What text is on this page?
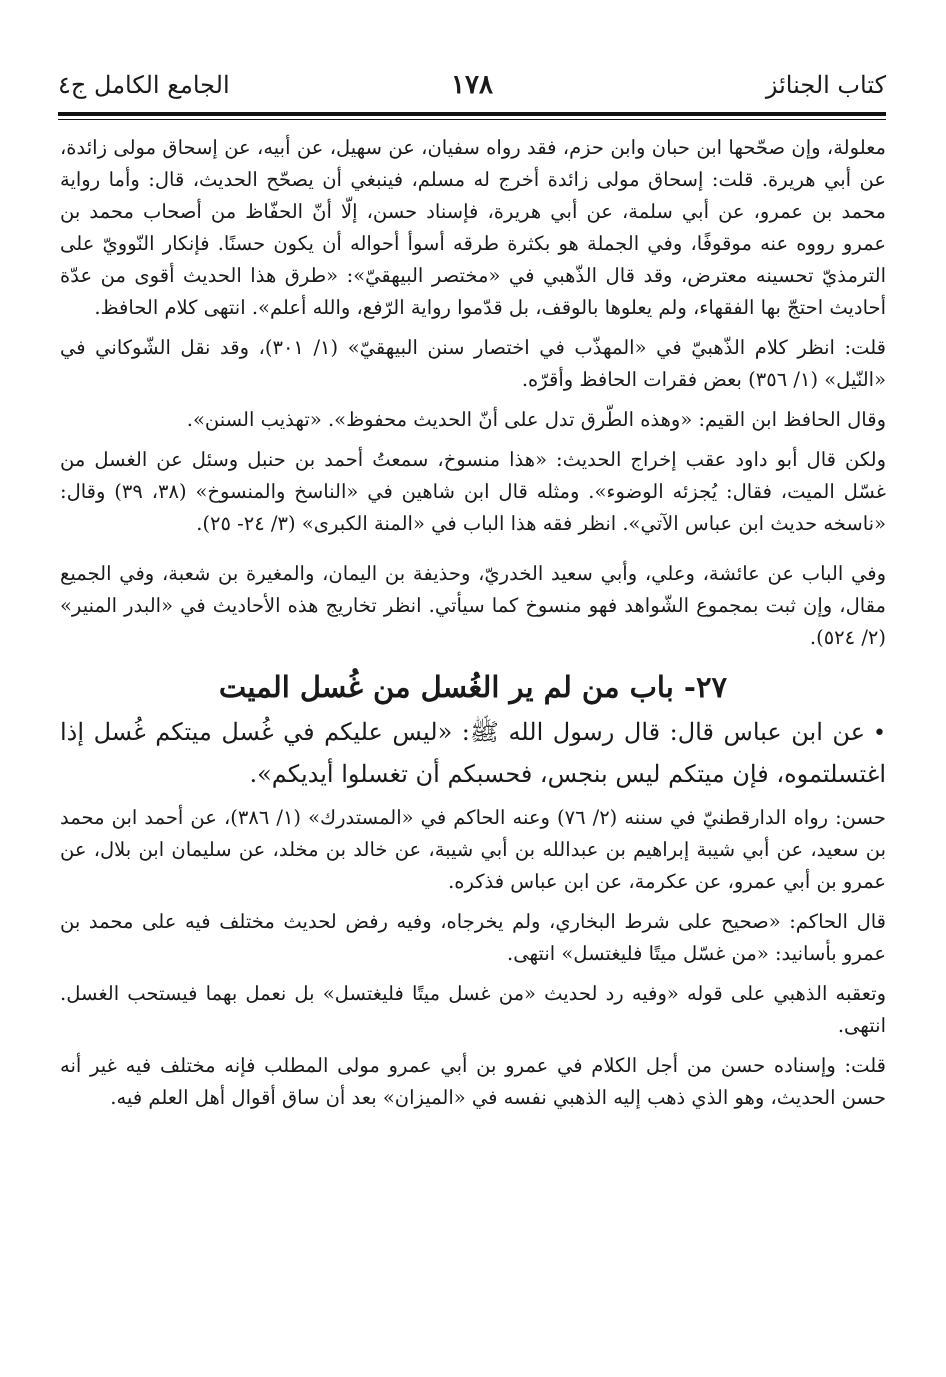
كتاب الجنائز
١٧٨
الجامع الكامل ج٤

معلولة، وإن صحّحها ابن حبان وابن حزم، فقد رواه سفيان، عن سهيل، عن أبيه، عن إسحاق مولى زائدة، عن أبي هريرة. قلت: إسحاق مولى زائدة أخرج له مسلم، فينبغي أن يصحّح الحديث، قال: وأما رواية محمد بن عمرو، عن أبي سلمة، عن أبي هريرة، فإسناد حسن، إلّا أنّ الحفّاظ من أصحاب محمد بن عمرو رووه عنه موقوفًا، وفي الجملة هو بكثرة طرقه أسوأ أحواله أن يكون حسنًا. فإنكار النّوويّ على الترمذيّ تحسينه معترض، وقد قال الذّهبي في «مختصر البيهقيّ»: «طرق هذا الحديث أقوى من عدّة أحاديث احتجّ بها الفقهاء، ولم يعلوها بالوقف، بل قدّموا رواية الرّفع، والله أعلم». انتهى كلام الحافظ.

قلت: انظر كلام الذّهبيّ في «المهذّب في اختصار سنن البيهقيّ» (١/ ٣٠١)، وقد نقل الشّوكاني في «النّيل» (١/ ٣٥٦) بعض فقرات الحافظ وأقرّه.

وقال الحافظ ابن القيم: «وهذه الطّرق تدل على أنّ الحديث محفوظ». «تهذيب السنن».

ولكن قال أبو داود عقب إخراج الحديث: «هذا منسوخ، سمعتُ أحمد بن حنبل وسئل عن الغسل من غسّل الميت، فقال: يُجزئه الوضوء». ومثله قال ابن شاهين في «الناسخ والمنسوخ» (٣٨، ٣٩) وقال: «ناسخه حديث ابن عباس الآتي». انظر فقه هذا الباب في «المنة الكبرى» (٣/ ٢٤- ٢٥).

وفي الباب عن عائشة، وعلي، وأبي سعيد الخدريّ، وحذيفة بن اليمان، والمغيرة بن شعبة، وفي الجميع مقال، وإن ثبت بمجموع الشّواهد فهو منسوخ كما سيأتي. انظر تخاريج هذه الأحاديث في «البدر المنير» (٢/ ٥٢٤).

٢٧- باب من لم ير الغُسل من غُسل الميت

•عن ابن عباس قال: قال رسول الله ﷺ: «ليس عليكم في غُسل ميتكم غُسل إذا اغتسلتموه، فإن ميتكم ليس بنجس، فحسبكم أن تغسلوا أيديكم».

حسن: رواه الدارقطنيّ في سننه (٢/ ٧٦) وعنه الحاكم في «المستدرك» (١/ ٣٨٦)، عن أحمد ابن محمد بن سعيد، عن أبي شيبة إبراهيم بن عبدالله بن أبي شيبة، عن خالد بن مخلد، عن سليمان ابن بلال، عن عمرو بن أبي عمرو، عن عكرمة، عن ابن عباس فذكره.

قال الحاكم: «صحيح على شرط البخاري، ولم يخرجاه، وفيه رفض لحديث مختلف فيه على محمد بن عمرو بأسانيد: «من غسّل ميتًا فليغتسل» انتهى.

وتعقبه الذهبي على قوله «وفيه رد لحديث «من غسل ميتًا فليغتسل» بل نعمل بهما فيستحب الغسل. انتهى.

قلت: وإسناده حسن من أجل الكلام في عمرو بن أبي عمرو مولى المطلب فإنه مختلف فيه غير أنه حسن الحديث، وهو الذي ذهب إليه الذهبي نفسه في «الميزان» بعد أن ساق أقوال أهل العلم فيه.
